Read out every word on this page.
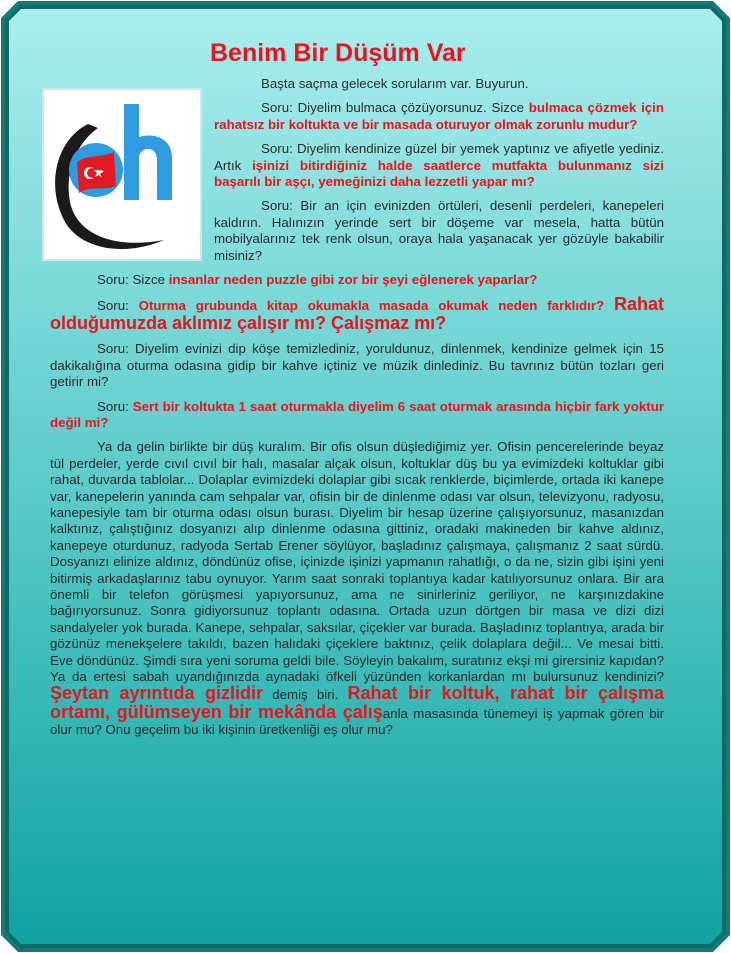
Benim Bir Düşüm Var

Başta saçma gelecek sorularım var. Buyurun.

Soru: Diyelim bulmaca çözüyorsunuz. Sizce bulmaca çözmek için rahatsız bir koltukta ve bir masada oturuyor olmak zorunlu mudur?

Soru: Diyelim kendinize güzel bir yemek yaptınız ve afiyetle yediniz. Artık işinizi bitirdiğiniz halde saatlerce mutfakta bulunmanız sizi başarılı bir aşçı, yemeğinizi daha lezzetli yapar mı?

Soru: Bir an için evinizden örtüleri, desenli perdeleri, kanepeleri kaldırın. Halınızın yerinde sert bir döşeme var mesela, hatta bütün mobilyalarınız tek renk olsun, oraya hala yaşanacak yer gözüyle bakabilir misiniz?

Soru: Sizce insanlar neden puzzle gibi zor bir şeyi eğlenerek yaparlar?

Soru: Oturma grubunda kitap okumakla masada okumak neden farklıdır? Rahat olduğumuzda aklımız çalışır mı? Çalışmaz mı?

Soru: Diyelim evinizi dip köşe temizlediniz, yoruldunuz, dinlenmek, kendinize gelmek için 15 dakikalığına oturma odasına gidip bir kahve içtiniz ve müzik dinlediniz. Bu tavrınız bütün tozları geri getirir mi?

Soru: Sert bir koltukta 1 saat oturmakla diyelim 6 saat oturmak arasında hiçbir fark yoktur değil mi?

Ya da gelin birlikte bir düş kuralım. Bir ofis olsun düşlediğimiz yer. Ofisin pencerelerinde beyaz tül perdeler, yerde cıvıl cıvıl bir halı, masalar alçak olsun, koltuklar düş bu ya evimizdeki koltuklar gibi rahat, duvarda tablolar... Dolaplar evimizdeki dolaplar gibi sıcak renklerde, biçimlerde, ortada iki kanepe var, kanepelerin yanında cam sehpalar var, ofisin bir de dinlenme odası var olsun, televizyonu, radyosu, kanepesiyle tam bir oturma odası olsun burası. Diyelim bir hesap üzerine çalışıyorsunuz, masanızdan kalktınız, çalıştığınız dosyanızı alıp dinlenme odasına gittiniz, oradaki makineden bir kahve aldınız, kanepeye oturdunuz, radyoda Sertab Erener söylüyor, başladınız çalışmaya, çalışmanız 2 saat sürdü. Dosyanızı elinize aldınız, döndünüz ofise, içinizde işinizi yapmanın rahatlığı, o da ne, sizin gibi işini yeni bitirmiş arkadaşlarınız tabu oynuyor. Yarım saat sonraki toplantıya kadar katılıyorsunuz onlara. Bir ara önemli bir telefon görüşmesi yapıyorsunuz, ama ne sinirleriniz geriliyor, ne karşınızdakine bağırıyorsunuz. Sonra gidiyorsunuz toplantı odasına. Ortada uzun dörtgen bir masa ve dizi dizi sandalyeler yok burada. Kanepe, sehpalar, saksılar, çiçekler var burada. Başladınız toplantıya, arada bir gözünüz menekşelere takıldı, bazen halıdaki çiçeklere baktınız, çelik dolaplara değil... Ve mesai bitti. Eve döndünüz. Şimdi sıra yeni soruma geldi bile. Söyleyin bakalım, suratınız ekşi mi girersiniz kapıdan? Ya da ertesi sabah uyandığınızda aynadaki öfkeli yüzünden korkanlardan mı bulursunuz kendinizi? Şeytan ayrıntıda gizlidir demiş biri. Rahat bir koltuk, rahat bir çalışma ortamı, gülümseyen bir mekânda çalışanla masasında tünemeyi iş yapmak gören bir olur mu? Onu geçelim bu iki kişinin üretkenliği eş olur mu?
